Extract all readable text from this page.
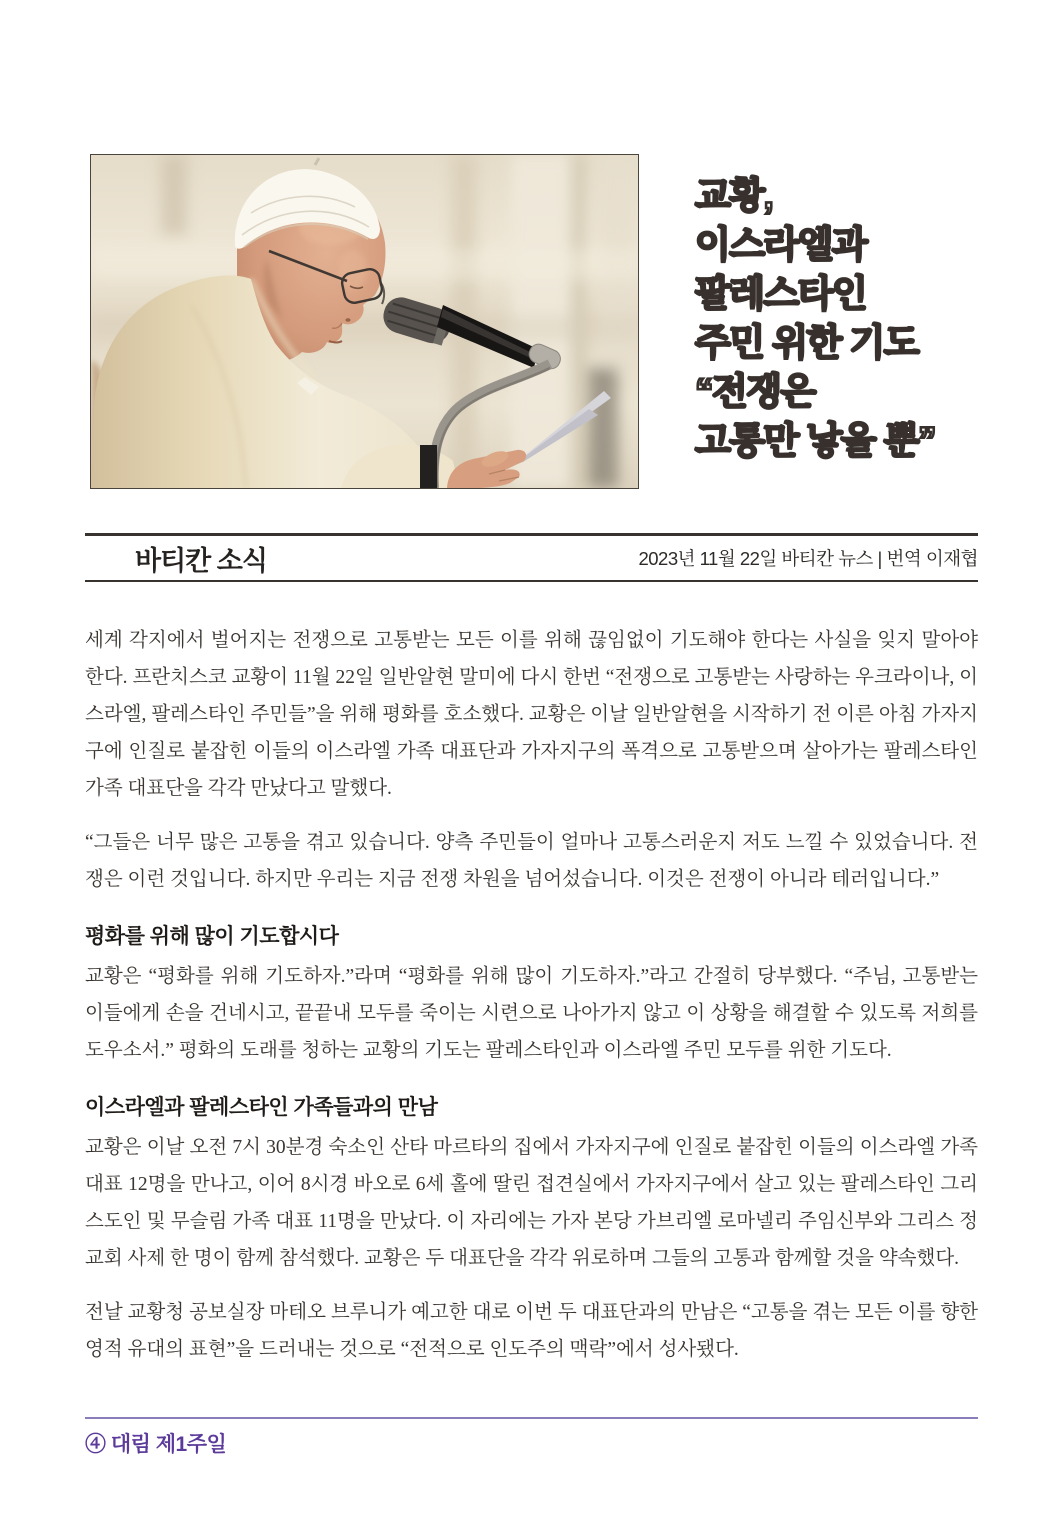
교황,
이스라엘과
팔레스타인
주민 위한 기도
“전쟁은
고통만 낳을 뿐”
바티칸 소식	2023년 11월 22일 바티칸 뉴스 | 번역 이재협

세계 각지에서 벌어지는 전쟁으로 고통받는 모든 이를 위해 끊임없이 기도해야 한다는 사실을 잊지 말아야 한다. 프란치스코 교황이 11월 22일 일반알현 말미에 다시 한번 “전쟁으로 고통받는 사랑하는 우크라이나, 이스라엘, 팔레스타인 주민들”을 위해 평화를 호소했다. 교황은 이날 일반알현을 시작하기 전 이른 아침 가자지구에 인질로 붙잡힌 이들의 이스라엘 가족 대표단과 가자지구의 폭격으로 고통받으며 살아가는 팔레스타인 가족 대표단을 각각 만났다고 말했다.

“그들은 너무 많은 고통을 겪고 있습니다. 양측 주민들이 얼마나 고통스러운지 저도 느낄 수 있었습니다. 전쟁은 이런 것입니다. 하지만 우리는 지금 전쟁 차원을 넘어섰습니다. 이것은 전쟁이 아니라 테러입니다.”

평화를 위해 많이 기도합시다

교황은 “평화를 위해 기도하자.”라며 “평화를 위해 많이 기도하자.”라고 간절히 당부했다. “주님, 고통받는 이들에게 손을 건네시고, 끝끝내 모두를 죽이는 시련으로 나아가지 않고 이 상황을 해결할 수 있도록 저희를 도우소서.” 평화의 도래를 청하는 교황의 기도는 팔레스타인과 이스라엘 주민 모두를 위한 기도다.

이스라엘과 팔레스타인 가족들과의 만남

교황은 이날 오전 7시 30분경 숙소인 산타 마르타의 집에서 가자지구에 인질로 붙잡힌 이들의 이스라엘 가족 대표 12명을 만나고, 이어 8시경 바오로 6세 홀에 딸린 접견실에서 가자지구에서 살고 있는 팔레스타인 그리스도인 및 무슬림 가족 대표 11명을 만났다. 이 자리에는 가자 본당 가브리엘 로마넬리 주임신부와 그리스 정교회 사제 한 명이 함께 참석했다. 교황은 두 대표단을 각각 위로하며 그들의 고통과 함께할 것을 약속했다.

전날 교황청 공보실장 마테오 브루니가 예고한 대로 이번 두 대표단과의 만남은 “고통을 겪는 모든 이를 향한 영적 유대의 표현”을 드러내는 것으로 “전적으로 인도주의 맥락”에서 성사됐다.

④ 대림 제1주일
